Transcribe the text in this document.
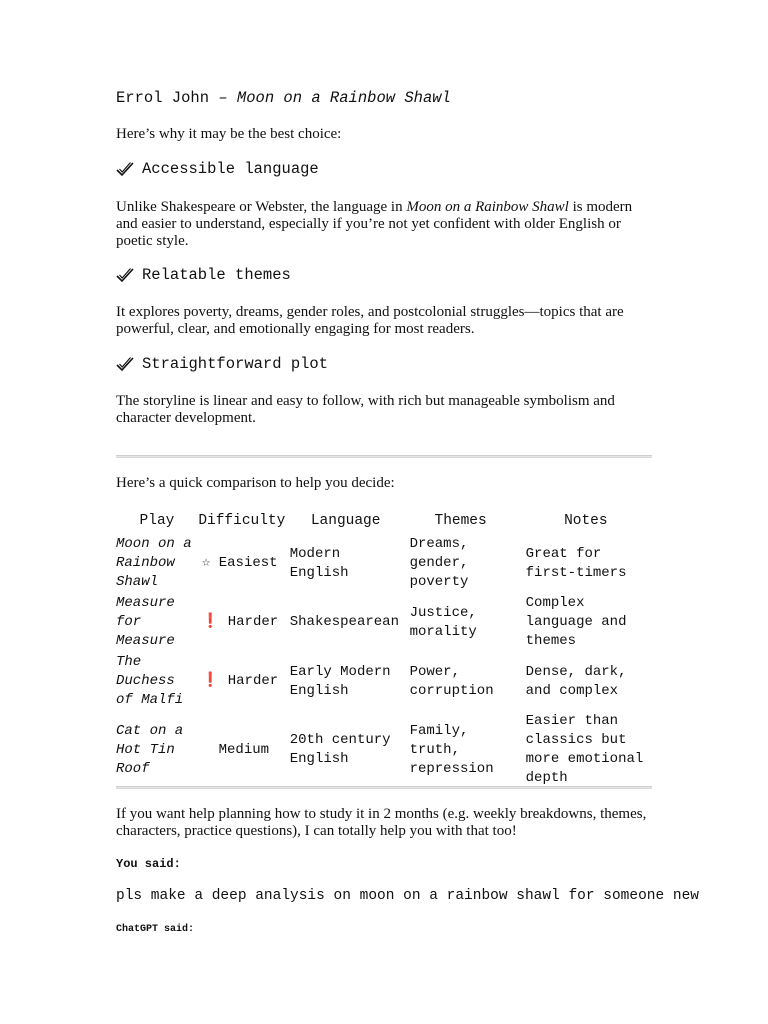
Errol John – Moon on a Rainbow Shawl
Here’s why it may be the best choice:
Accessible language
Unlike Shakespeare or Webster, the language in Moon on a Rainbow Shawl is modern and easier to understand, especially if you’re not yet confident with older English or poetic style.
Relatable themes
It explores poverty, dreams, gender roles, and postcolonial struggles—topics that are powerful, clear, and emotionally engaging for most readers.
Straightforward plot
The storyline is linear and easy to follow, with rich but manageable symbolism and character development.
Here’s a quick comparison to help you decide:
Play	Difficulty	Language	Themes	Notes
Moon on a Rainbow Shawl	☆ Easiest	Modern English	Dreams, gender, poverty	Great for first-timers
Measure for Measure	❗ Harder	Shakespearean	Justice, morality	Complex language and themes
The Duchess of Malfi	❗ Harder	Early Modern English	Power, corruption	Dense, dark, and complex
Cat on a Hot Tin Roof	Medium	20th century English	Family, truth, repression	Easier than classics but more emotional depth
If you want help planning how to study it in 2 months (e.g. weekly breakdowns, themes, characters, practice questions), I can totally help you with that too!
You said:
pls make a deep analysis on moon on a rainbow shawl for someone new
ChatGPT said:
